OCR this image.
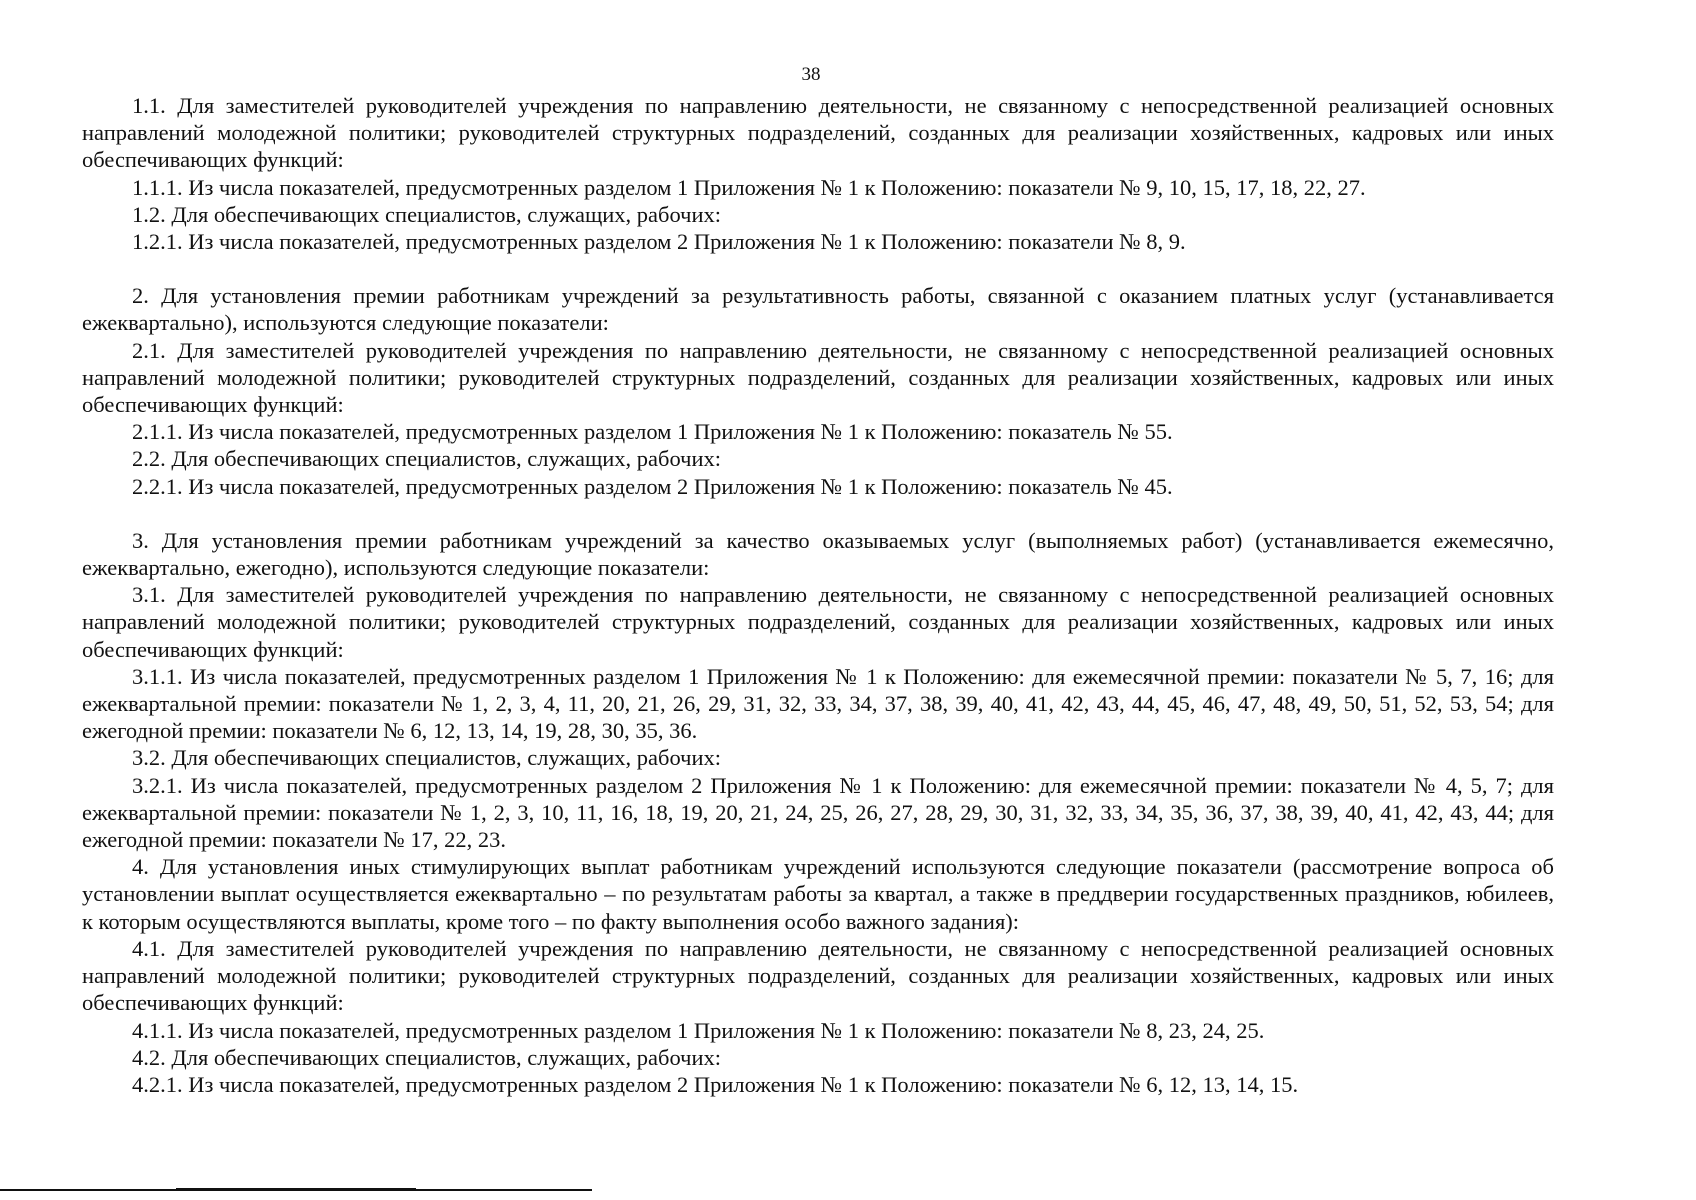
38

1.1. Для заместителей руководителей учреждения по направлению деятельности, не связанному с непосредственной реализацией основных направлений молодежной политики; руководителей структурных подразделений, созданных для реализации хозяйственных, кадровых или иных обеспечивающих функций:

1.1.1. Из числа показателей, предусмотренных разделом 1 Приложения № 1 к Положению: показатели № 9, 10, 15, 17, 18, 22, 27.

1.2. Для обеспечивающих специалистов, служащих, рабочих:

1.2.1. Из числа показателей, предусмотренных разделом 2 Приложения № 1 к Положению: показатели № 8, 9.

2. Для установления премии работникам учреждений за результативность работы, связанной с оказанием платных услуг (устанавливается ежеквартально), используются следующие показатели:

2.1. Для заместителей руководителей учреждения по направлению деятельности, не связанному с непосредственной реализацией основных направлений молодежной политики; руководителей структурных подразделений, созданных для реализации хозяйственных, кадровых или иных обеспечивающих функций:

2.1.1. Из числа показателей, предусмотренных разделом 1 Приложения № 1 к Положению: показатель № 55.

2.2. Для обеспечивающих специалистов, служащих, рабочих:

2.2.1. Из числа показателей, предусмотренных разделом 2 Приложения № 1 к Положению: показатель № 45.

3. Для установления премии работникам учреждений за качество оказываемых услуг (выполняемых работ) (устанавливается ежемесячно, ежеквартально, ежегодно), используются следующие показатели:

3.1. Для заместителей руководителей учреждения по направлению деятельности, не связанному с непосредственной реализацией основных направлений молодежной политики; руководителей структурных подразделений, созданных для реализации хозяйственных, кадровых или иных обеспечивающих функций:

3.1.1. Из числа показателей, предусмотренных разделом 1 Приложения № 1 к Положению: для ежемесячной премии: показатели № 5, 7, 16; для ежеквартальной премии: показатели № 1, 2, 3, 4, 11, 20, 21, 26, 29, 31, 32, 33, 34, 37, 38, 39, 40, 41, 42, 43, 44, 45, 46, 47, 48, 49, 50, 51, 52, 53, 54; для ежегодной премии: показатели № 6, 12, 13, 14, 19, 28, 30, 35, 36.

3.2. Для обеспечивающих специалистов, служащих, рабочих:

3.2.1. Из числа показателей, предусмотренных разделом 2 Приложения № 1 к Положению: для ежемесячной премии: показатели № 4, 5, 7; для ежеквартальной премии: показатели № 1, 2, 3, 10, 11, 16, 18, 19, 20, 21, 24, 25, 26, 27, 28, 29, 30, 31, 32, 33, 34, 35, 36, 37, 38, 39, 40, 41, 42, 43, 44; для ежегодной премии: показатели № 17, 22, 23.

4. Для установления иных стимулирующих выплат работникам учреждений используются следующие показатели (рассмотрение вопроса об установлении выплат осуществляется ежеквартально – по результатам работы за квартал, а также в преддверии государственных праздников, юбилеев, к которым осуществляются выплаты, кроме того – по факту выполнения особо важного задания):

4.1. Для заместителей руководителей учреждения по направлению деятельности, не связанному с непосредственной реализацией основных направлений молодежной политики; руководителей структурных подразделений, созданных для реализации хозяйственных, кадровых или иных обеспечивающих функций:

4.1.1. Из числа показателей, предусмотренных разделом 1 Приложения № 1 к Положению: показатели № 8, 23, 24, 25.

4.2. Для обеспечивающих специалистов, служащих, рабочих:

4.2.1. Из числа показателей, предусмотренных разделом 2 Приложения № 1 к Положению: показатели № 6, 12, 13, 14, 15.
